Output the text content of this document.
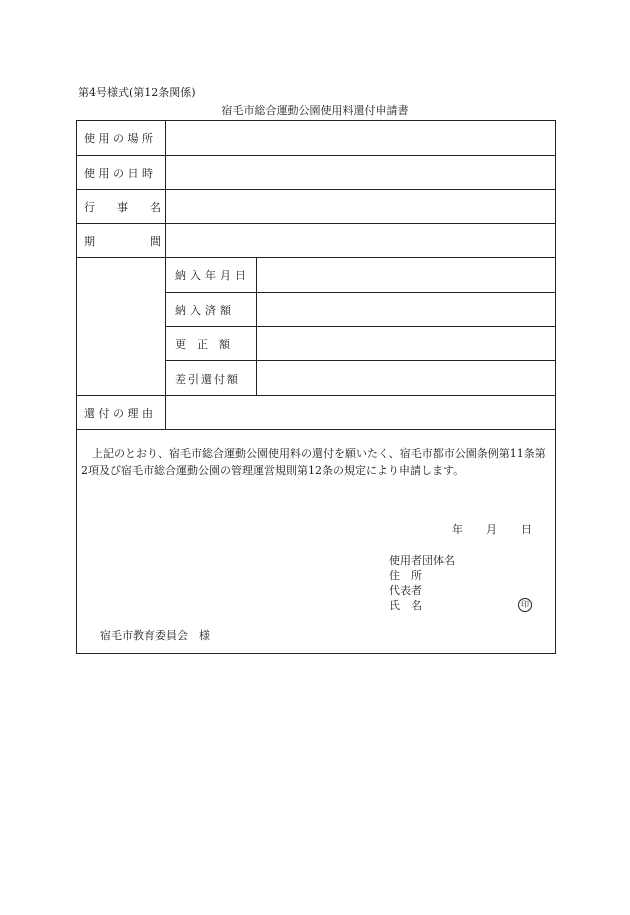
第4号様式(第12条関係)
宿毛市総合運動公園使用料還付申請書
使 用 の 場 所
使 用 の 日 時
行　　事　　名
期　　　　　間
納入年月日
納入済額
更　正　額
差引還付額
還 付 の 理 由
上記のとおり、宿毛市総合運動公園使用料の還付を願いたく、宿毛市都市公園条例第11条第2項及び宿毛市総合運動公園の管理運営規則第12条の規定により申請します。
年 月 日
使用者団体名
住　所
代表者
氏　名	印
宿毛市教育委員会　様
